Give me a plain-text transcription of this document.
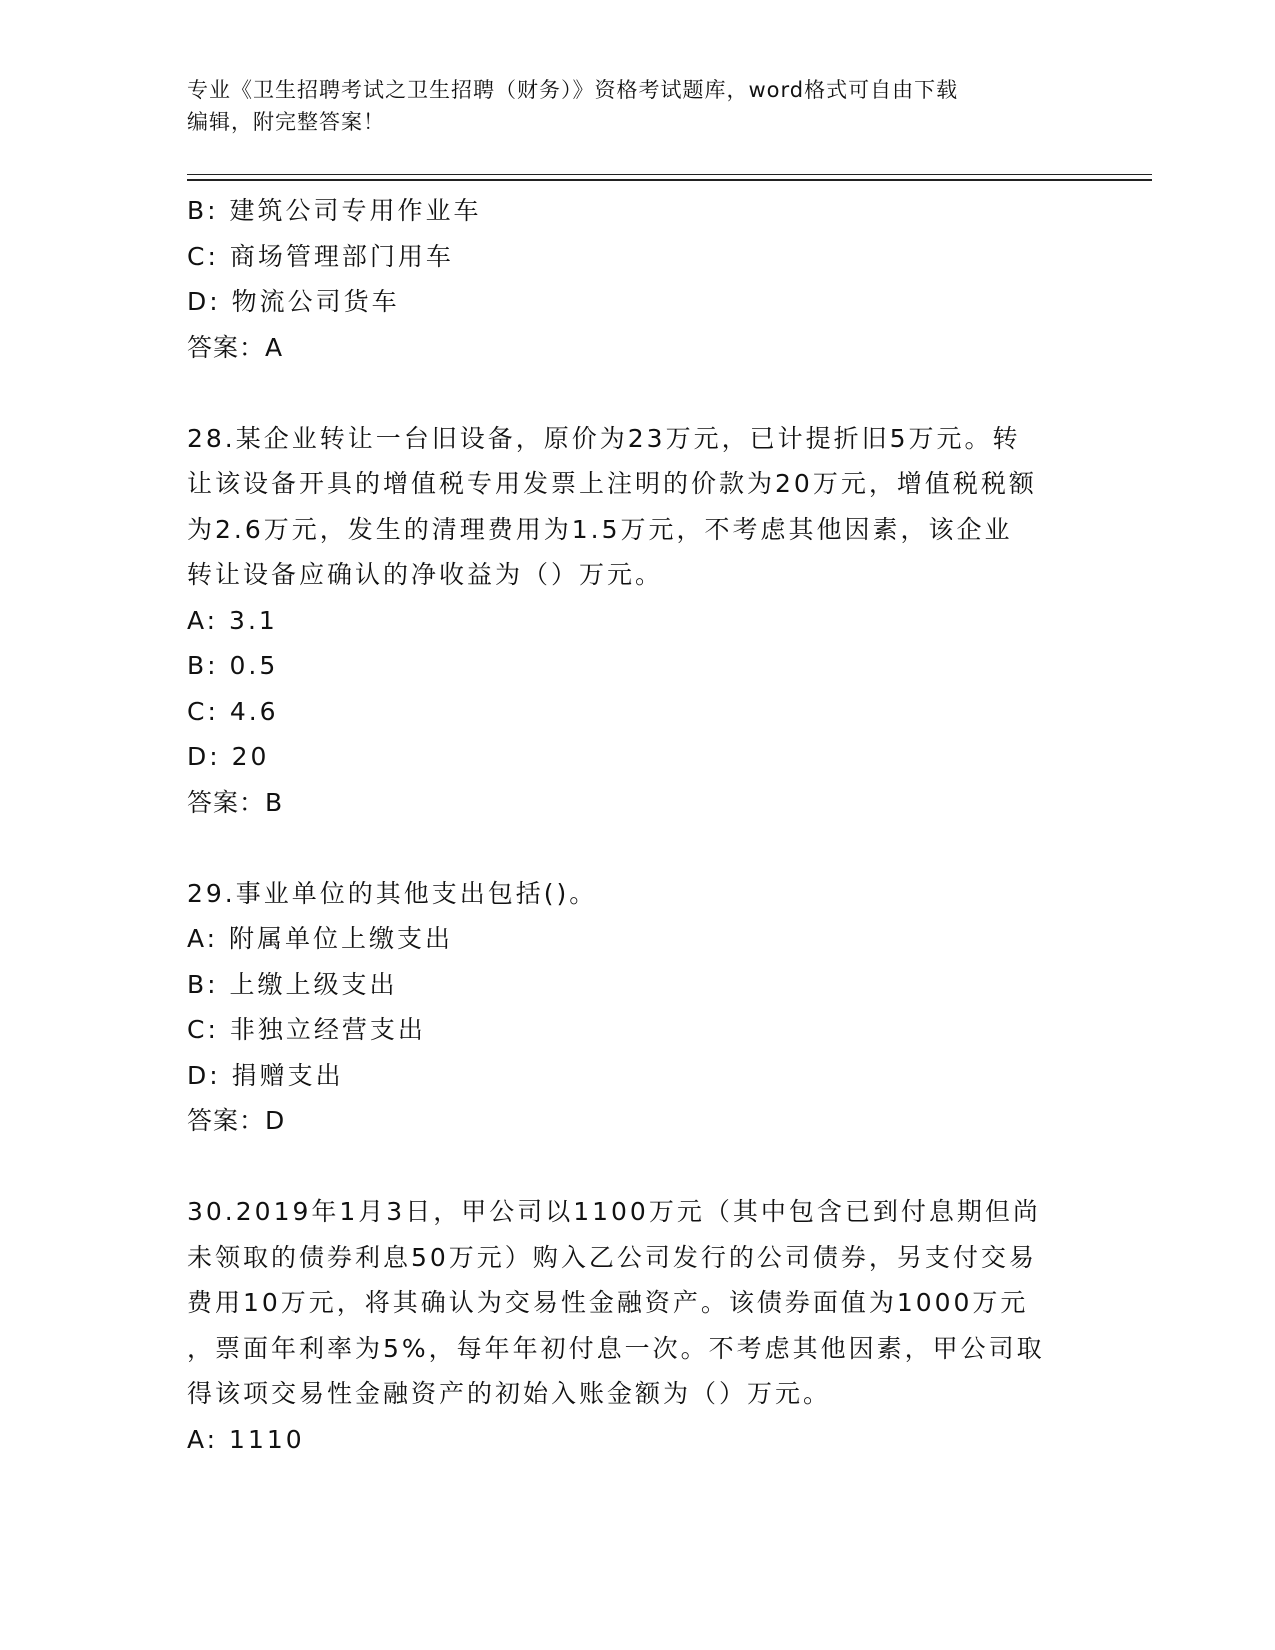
专业《卫生招聘考试之卫生招聘（财务）》资格考试题库，word格式可自由下载
编辑，附完整答案！
B: 建筑公司专用作业车
C: 商场管理部门用车
D: 物流公司货车
答案：A
28.某企业转让一台旧设备，原价为23万元，已计提折旧5万元。转
让该设备开具的增值税专用发票上注明的价款为20万元，增值税税额
为2.6万元，发生的清理费用为1.5万元，不考虑其他因素，该企业
转让设备应确认的净收益为（）万元。
A: 3.1
B: 0.5
C: 4.6
D: 20
答案：B
29.事业单位的其他支出包括()。
A: 附属单位上缴支出
B: 上缴上级支出
C: 非独立经营支出
D: 捐赠支出
答案：D
30.2019年1月3日，甲公司以1100万元（其中包含已到付息期但尚
未领取的债券利息50万元）购入乙公司发行的公司债券，另支付交易
费用10万元，将其确认为交易性金融资产。该债券面值为1000万元
，票面年利率为5%，每年年初付息一次。不考虑其他因素，甲公司取
得该项交易性金融资产的初始入账金额为（）万元。
A: 1110
